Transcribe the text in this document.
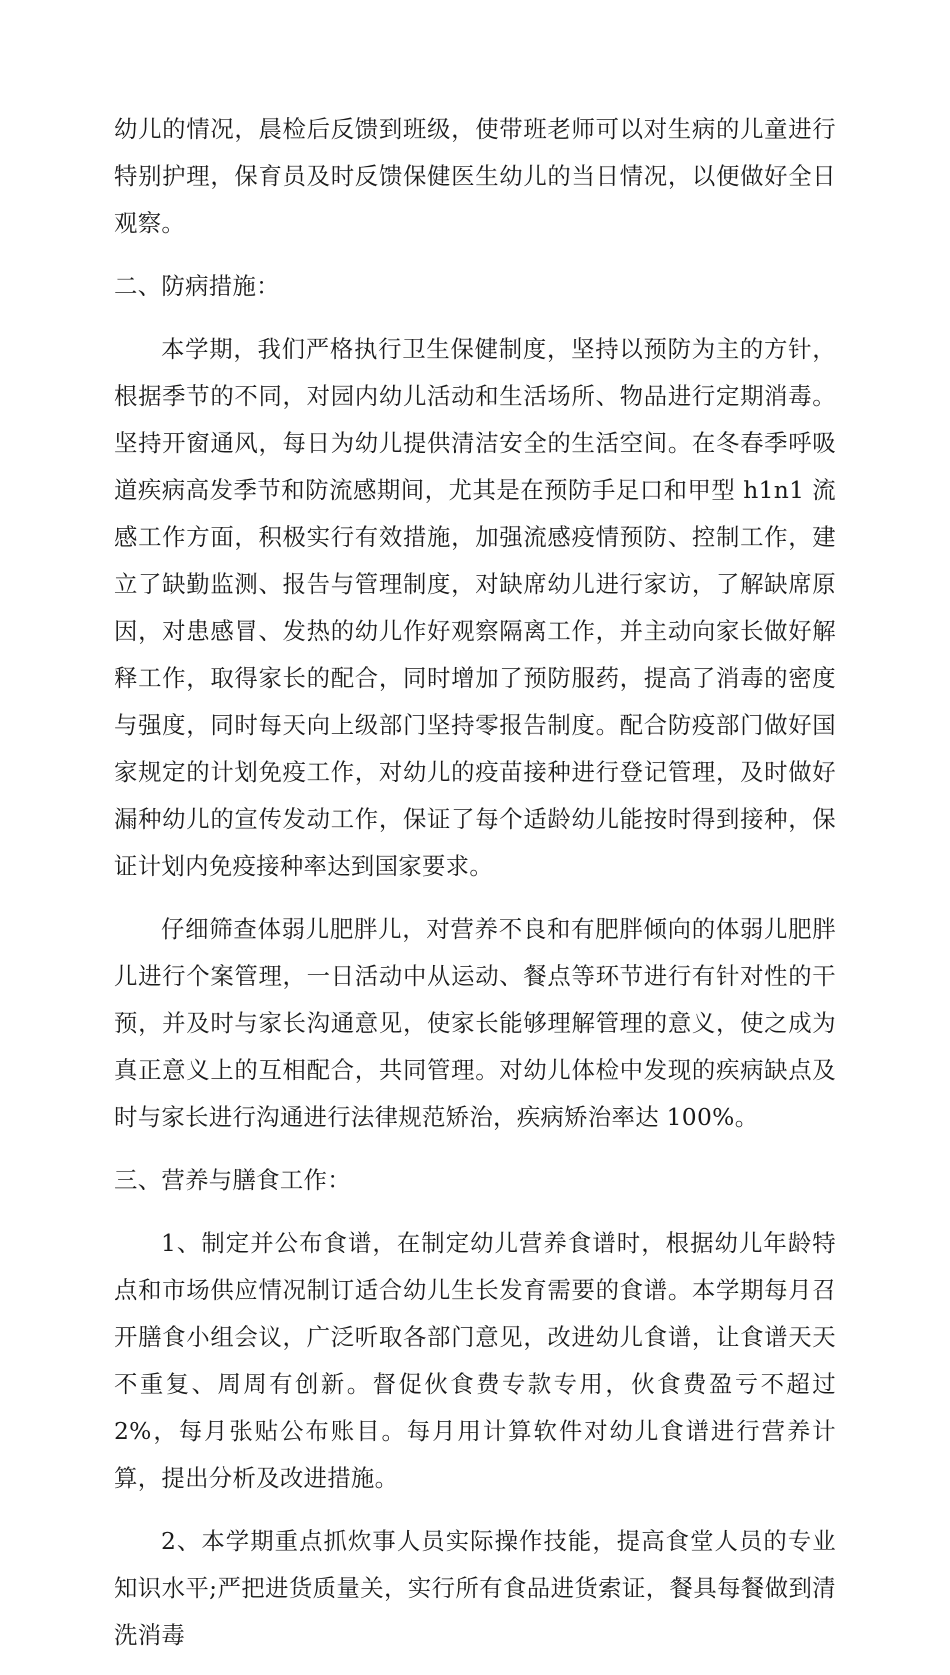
幼儿的情况，晨检后反馈到班级，使带班老师可以对生病的儿童进行特别护理，保育员及时反馈保健医生幼儿的当日情况，以便做好全日观察。

二、防病措施：

本学期，我们严格执行卫生保健制度，坚持以预防为主的方针，根据季节的不同，对园内幼儿活动和生活场所、物品进行定期消毒。坚持开窗通风，每日为幼儿提供清洁安全的生活空间。在冬春季呼吸道疾病高发季节和防流感期间，尤其是在预防手足口和甲型 h1n1 流感工作方面，积极实行有效措施，加强流感疫情预防、控制工作，建立了缺勤监测、报告与管理制度，对缺席幼儿进行家访，了解缺席原因，对患感冒、发热的幼儿作好观察隔离工作，并主动向家长做好解释工作，取得家长的配合，同时增加了预防服药，提高了消毒的密度与强度，同时每天向上级部门坚持零报告制度。配合防疫部门做好国家规定的计划免疫工作，对幼儿的疫苗接种进行登记管理，及时做好漏种幼儿的宣传发动工作，保证了每个适龄幼儿能按时得到接种，保证计划内免疫接种率达到国家要求。

仔细筛查体弱儿肥胖儿，对营养不良和有肥胖倾向的体弱儿肥胖儿进行个案管理，一日活动中从运动、餐点等环节进行有针对性的干预，并及时与家长沟通意见，使家长能够理解管理的意义，使之成为真正意义上的互相配合，共同管理。对幼儿体检中发现的疾病缺点及时与家长进行沟通进行法律规范矫治，疾病矫治率达 100%。

三、营养与膳食工作：

1、制定并公布食谱，在制定幼儿营养食谱时，根据幼儿年龄特点和市场供应情况制订适合幼儿生长发育需要的食谱。本学期每月召开膳食小组会议，广泛听取各部门意见，改进幼儿食谱，让食谱天天不重复、周周有创新。督促伙食费专款专用，伙食费盈亏不超过 2%，每月张贴公布账目。每月用计算软件对幼儿食谱进行营养计算，提出分析及改进措施。

2、本学期重点抓炊事人员实际操作技能，提高食堂人员的专业知识水平;严把进货质量关，实行所有食品进货索证，餐具每餐做到清洗消毒
